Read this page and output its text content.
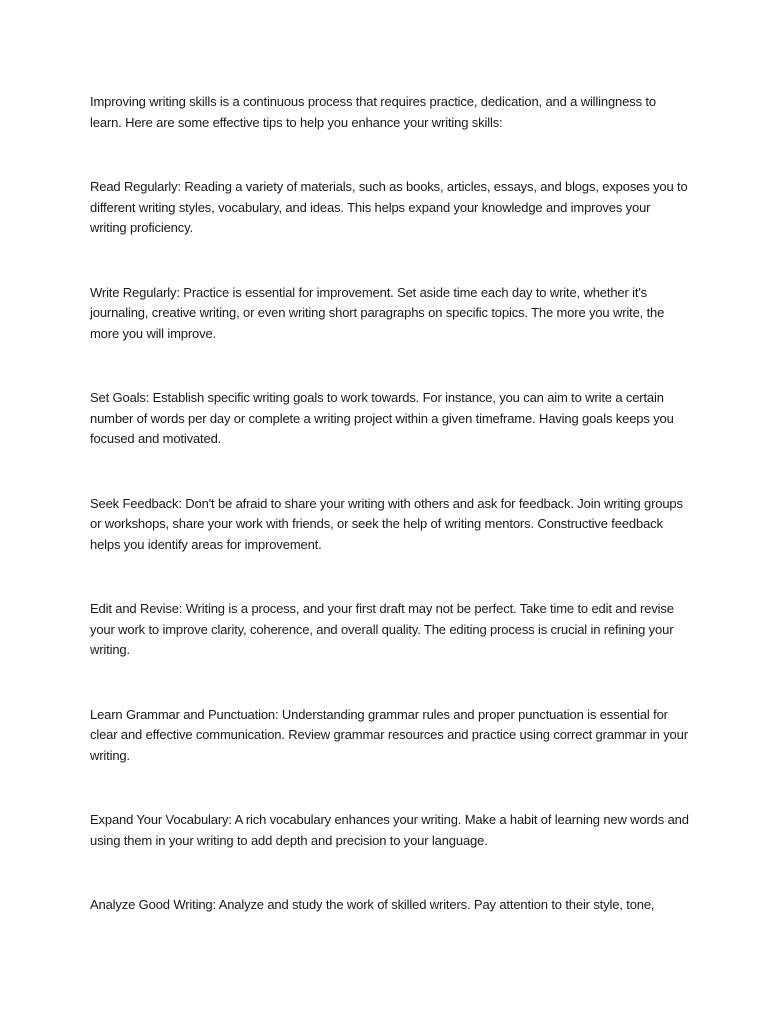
Improving writing skills is a continuous process that requires practice, dedication, and a willingness to learn. Here are some effective tips to help you enhance your writing skills:

Read Regularly: Reading a variety of materials, such as books, articles, essays, and blogs, exposes you to different writing styles, vocabulary, and ideas. This helps expand your knowledge and improves your writing proficiency.

Write Regularly: Practice is essential for improvement. Set aside time each day to write, whether it's journaling, creative writing, or even writing short paragraphs on specific topics. The more you write, the more you will improve.

Set Goals: Establish specific writing goals to work towards. For instance, you can aim to write a certain number of words per day or complete a writing project within a given timeframe. Having goals keeps you focused and motivated.

Seek Feedback: Don't be afraid to share your writing with others and ask for feedback. Join writing groups or workshops, share your work with friends, or seek the help of writing mentors. Constructive feedback helps you identify areas for improvement.

Edit and Revise: Writing is a process, and your first draft may not be perfect. Take time to edit and revise your work to improve clarity, coherence, and overall quality. The editing process is crucial in refining your writing.

Learn Grammar and Punctuation: Understanding grammar rules and proper punctuation is essential for clear and effective communication. Review grammar resources and practice using correct grammar in your writing.

Expand Your Vocabulary: A rich vocabulary enhances your writing. Make a habit of learning new words and using them in your writing to add depth and precision to your language.

Analyze Good Writing: Analyze and study the work of skilled writers. Pay attention to their style, tone,
